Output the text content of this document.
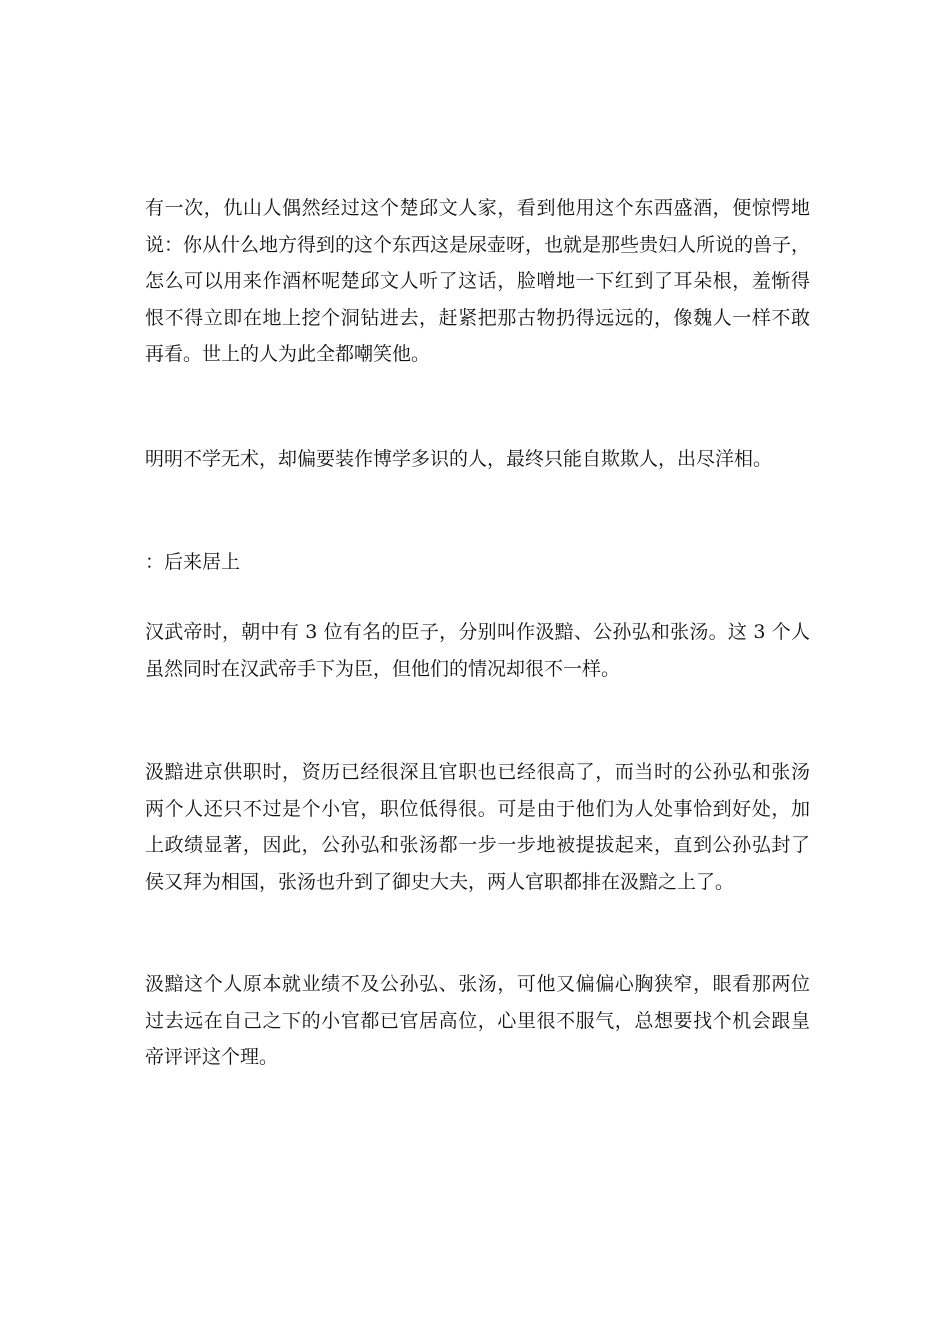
有一次，仇山人偶然经过这个楚邱文人家，看到他用这个东西盛酒，便惊愕地
说：你从什么地方得到的这个东西这是尿壶呀，也就是那些贵妇人所说的兽子，
怎么可以用来作酒杯呢楚邱文人听了这话，脸噌地一下红到了耳朵根，羞惭得
恨不得立即在地上挖个洞钻进去，赶紧把那古物扔得远远的，像魏人一样不敢
再看。世上的人为此全都嘲笑他。

明明不学无术，却偏要装作博学多识的人，最终只能自欺欺人，出尽洋相。

：后来居上

汉武帝时，朝中有 3 位有名的臣子，分别叫作汲黯、公孙弘和张汤。这 3 个人
虽然同时在汉武帝手下为臣，但他们的情况却很不一样。

汲黯进京供职时，资历已经很深且官职也已经很高了，而当时的公孙弘和张汤
两个人还只不过是个小官，职位低得很。可是由于他们为人处事恰到好处，加
上政绩显著，因此，公孙弘和张汤都一步一步地被提拔起来，直到公孙弘封了
侯又拜为相国，张汤也升到了御史大夫，两人官职都排在汲黯之上了。

汲黯这个人原本就业绩不及公孙弘、张汤，可他又偏偏心胸狭窄，眼看那两位
过去远在自己之下的小官都已官居高位，心里很不服气，总想要找个机会跟皇
帝评评这个理。
